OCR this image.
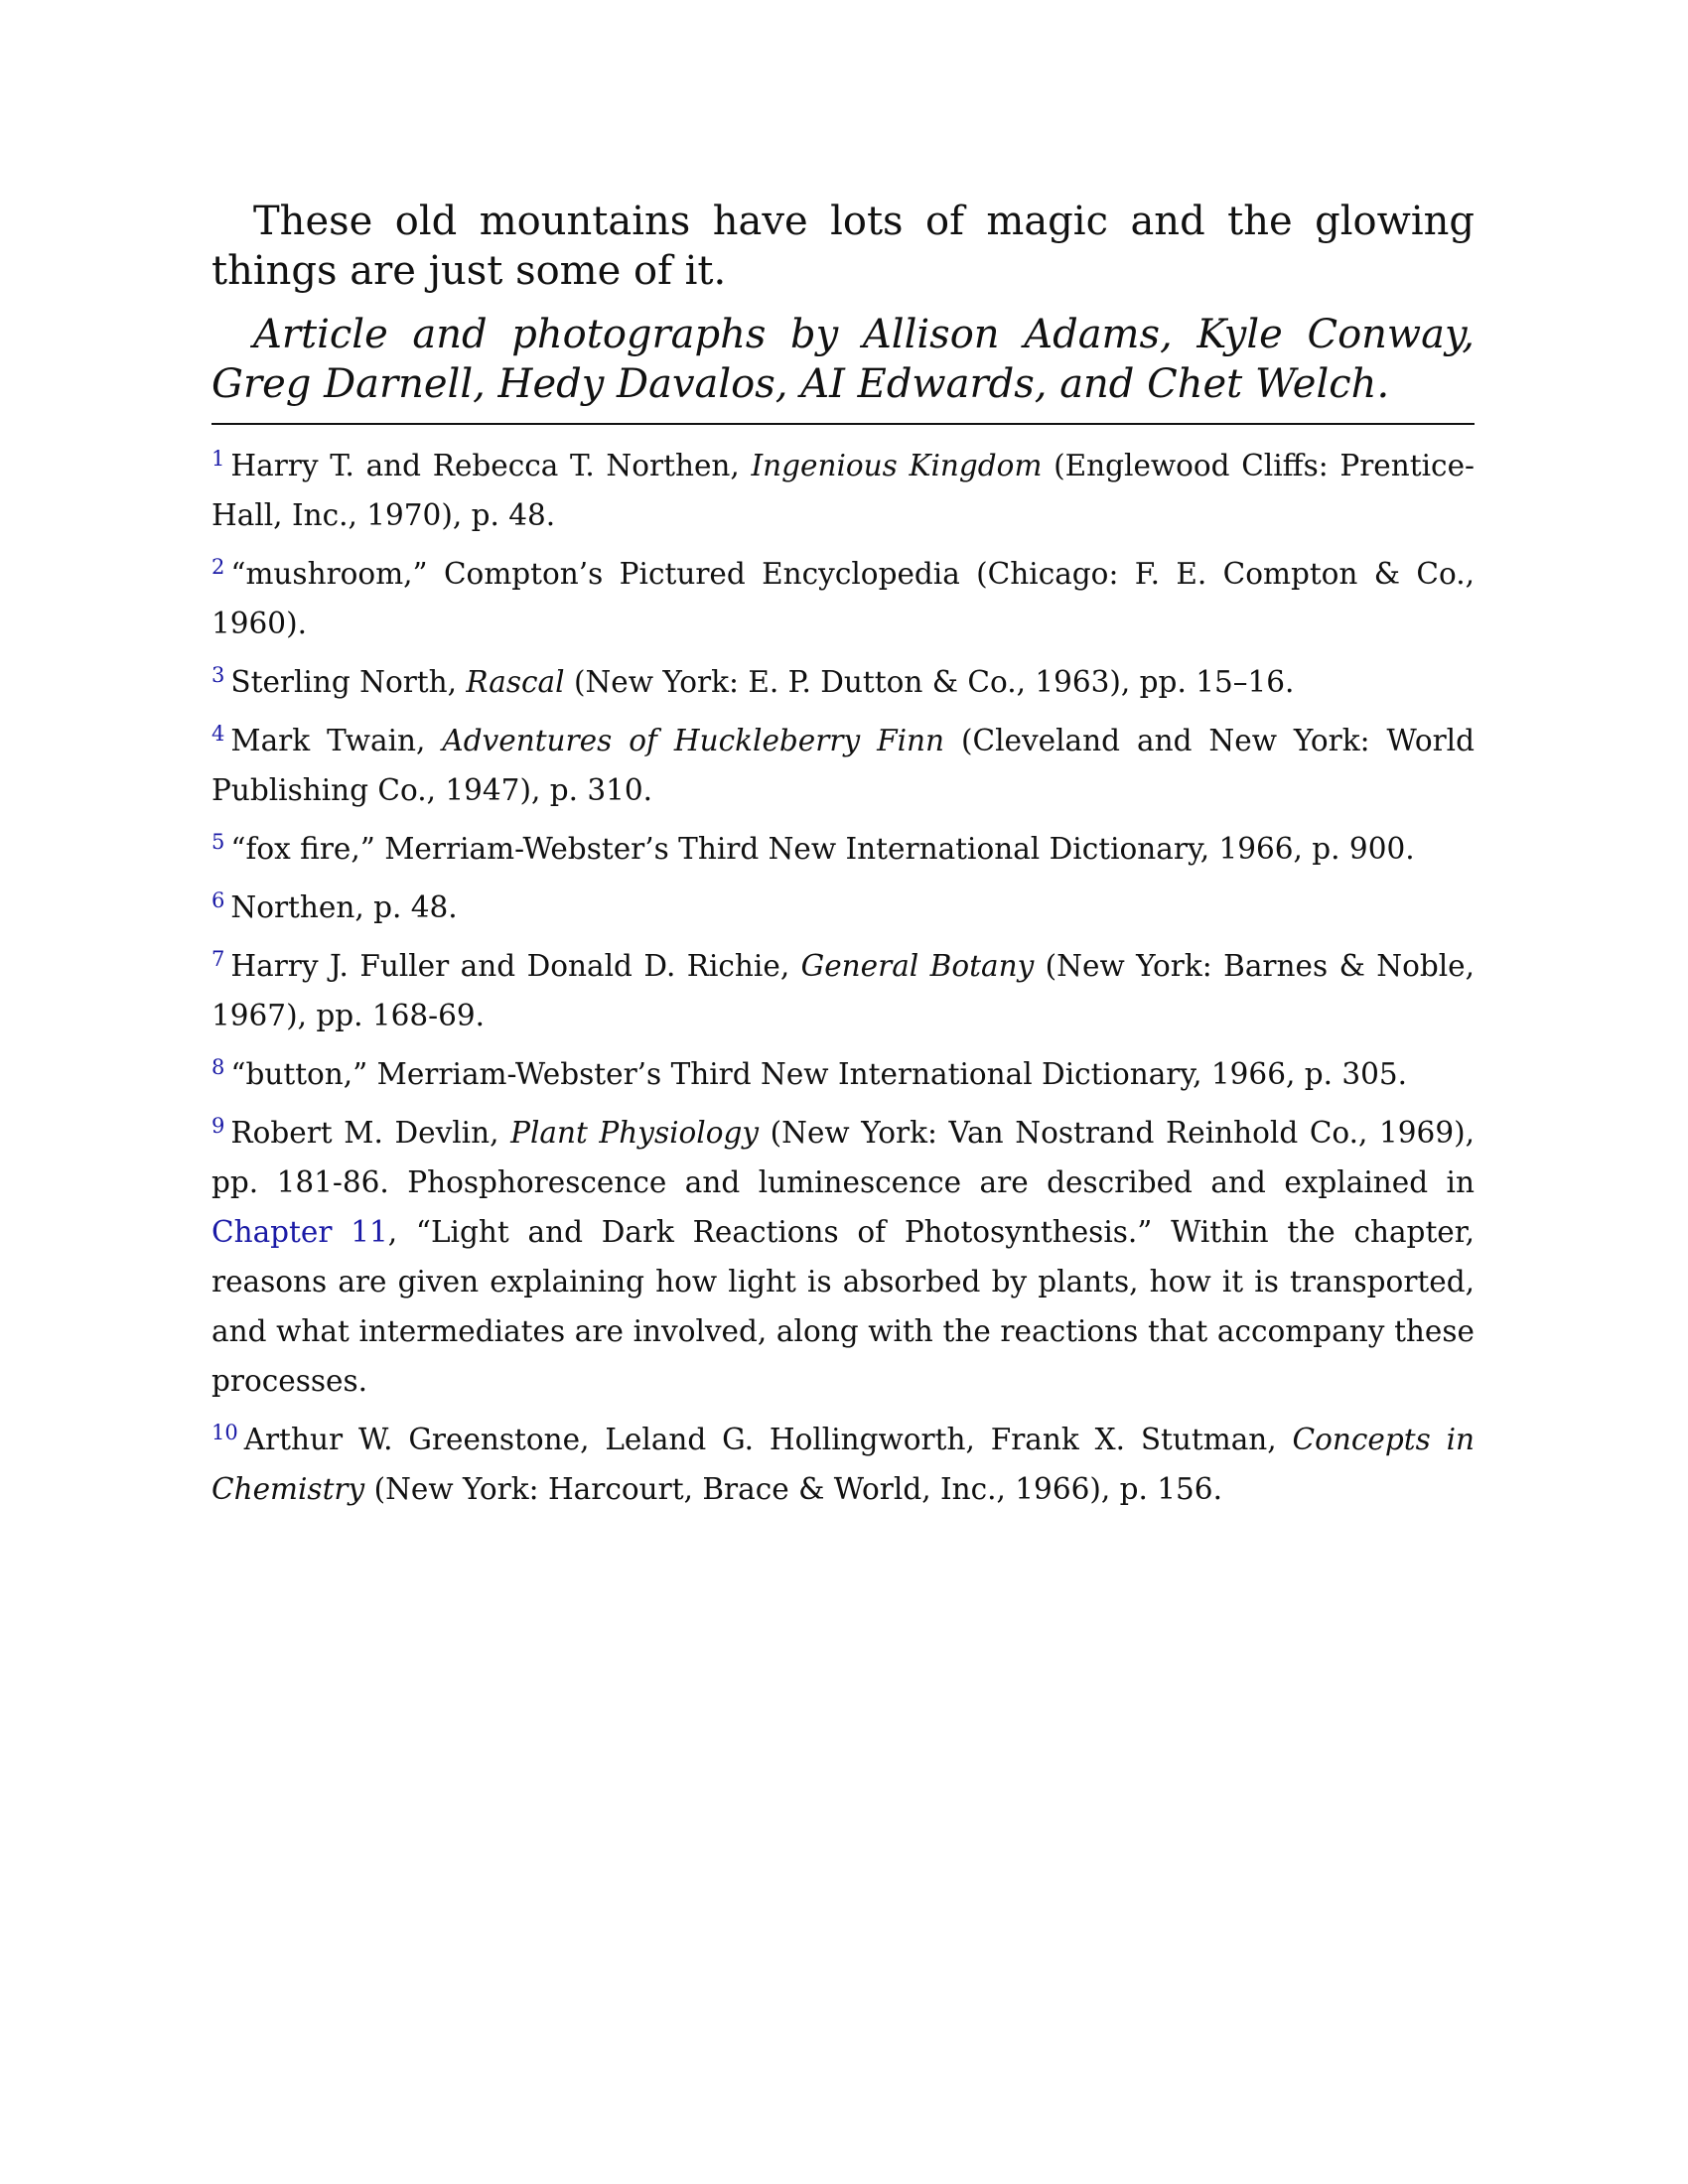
These old mountains have lots of magic and the glowing things are just some of it.

Article and photographs by Allison Adams, Kyle Conway, Greg Darnell, Hedy Davalos, AI Edwards, and Chet Welch.

$^1$ Harry T. and Rebecca T. Northen, Ingenious Kingdom (Englewood Cliffs: Prentice-Hall, Inc., 1970), p. 48.

$^2$ “mushroom,” Compton’s Pictured Encyclopedia (Chicago: F. E. Compton & Co., 1960).

$^3$ Sterling North, Rascal (New York: E. P. Dutton & Co., 1963), pp. 15–16.

$^4$ Mark Twain, Adventures of Huckleberry Finn (Cleveland and New York: World Publishing Co., 1947), p. 310.

$^5$ “fox fire,” Merriam-Webster’s Third New International Dictionary, 1966, p. 900.

$^6$ Northen, p. 48.

$^7$ Harry J. Fuller and Donald D. Richie, General Botany (New York: Barnes & Noble, 1967), pp. 168-69.

$^8$ “button,” Merriam-Webster’s Third New International Dictionary, 1966, p. 305.

$^9$ Robert M. Devlin, Plant Physiology (New York: Van Nostrand Reinhold Co., 1969), pp. 181-86. Phosphorescence and luminescence are described and explained in Chapter 11, “Light and Dark Reactions of Photosynthesis.” Within the chapter, reasons are given explaining how light is absorbed by plants, how it is transported, and what intermediates are involved, along with the reactions that accompany these processes.

$^{10}$ Arthur W. Greenstone, Leland G. Hollingworth, Frank X. Stutman, Concepts in Chemistry (New York: Harcourt, Brace & World, Inc., 1966), p. 156.
